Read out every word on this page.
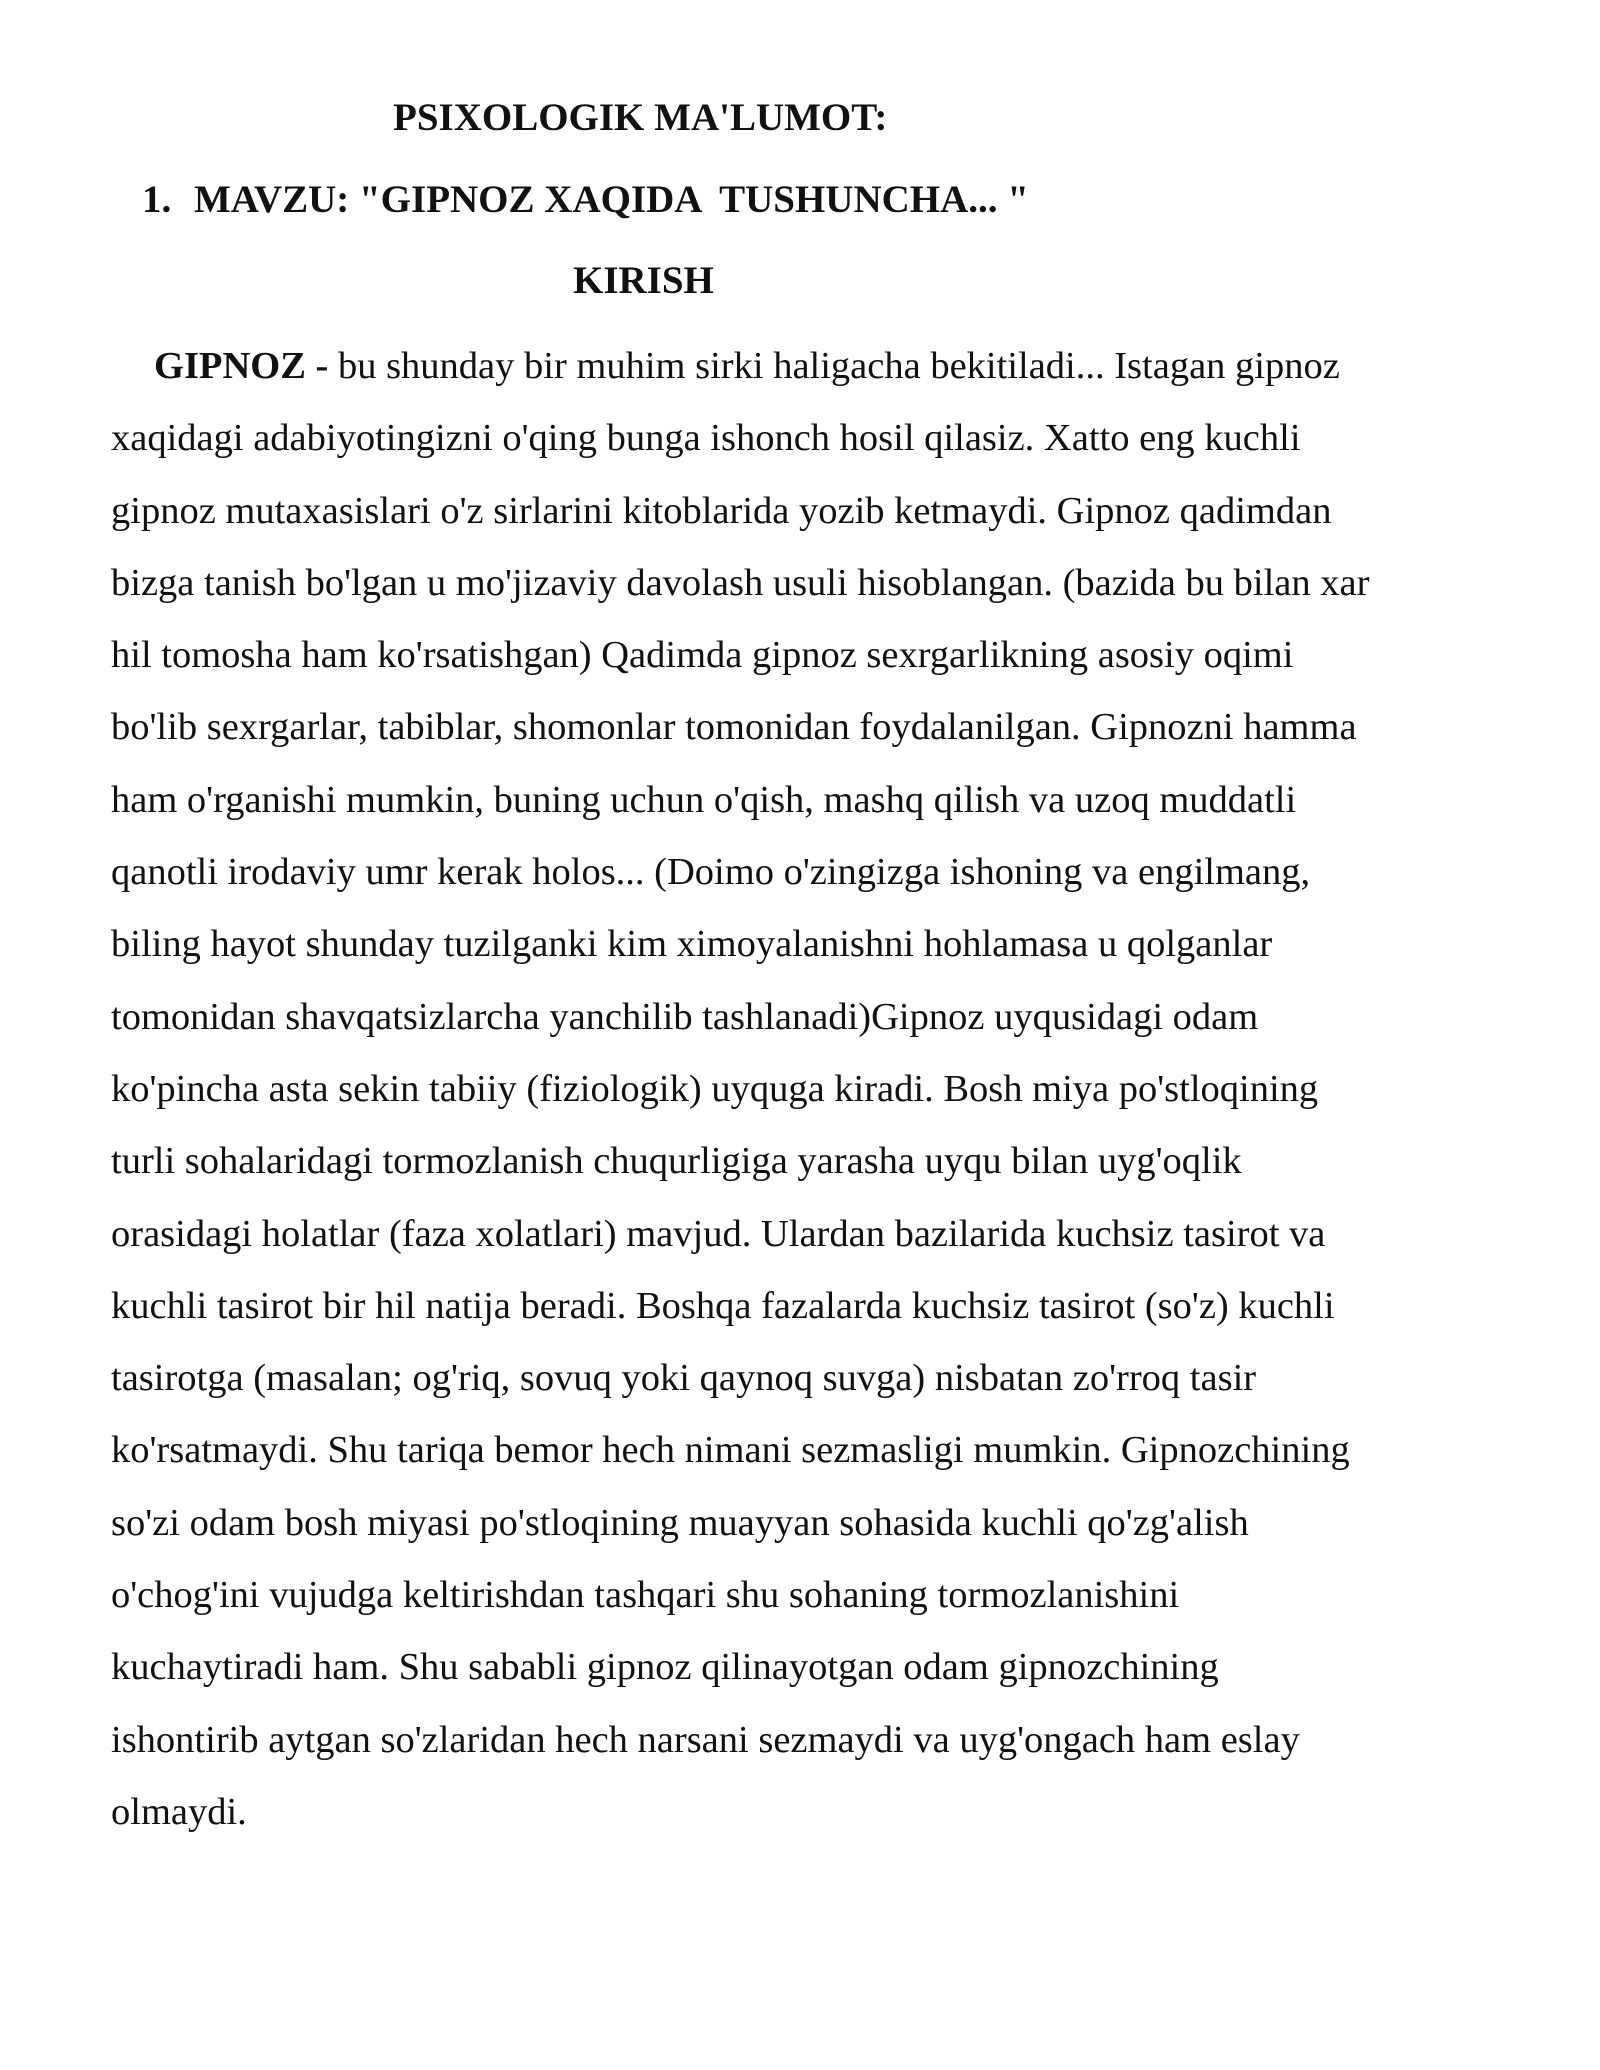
PSIXOLOGIK MA'LUMOT:
1. MAVZU: "GIPNOZ XAQIDA  TUSHUNCHA... "
KIRISH
GIPNOZ - bu shunday bir muhim sirki haligacha bekitiladi... Istagan gipnoz
xaqidagi adabiyotingizni o'qing bunga ishonch hosil qilasiz. Xatto eng kuchli
gipnoz mutaxasislari o'z sirlarini kitoblarida yozib ketmaydi. Gipnoz qadimdan
bizga tanish bo'lgan u mo'jizaviy davolash usuli hisoblangan. (bazida bu bilan xar
hil tomosha ham ko'rsatishgan) Qadimda gipnoz sexrgarlikning asosiy oqimi
bo'lib sexrgarlar, tabiblar, shomonlar tomonidan foydalanilgan. Gipnozni hamma
ham o'rganishi mumkin, buning uchun o'qish, mashq qilish va uzoq muddatli
qanotli irodaviy umr kerak holos... (Doimo o'zingizga ishoning va engilmang,
biling hayot shunday tuzilganki kim ximoyalanishni hohlamasa u qolganlar
tomonidan shavqatsizlarcha yanchilib tashlanadi)Gipnoz uyqusidagi odam
ko'pincha asta sekin tabiiy (fiziologik) uyquga kiradi. Bosh miya po'stloqining
turli sohalaridagi tormozlanish chuqurligiga yarasha uyqu bilan uyg'oqlik
orasidagi holatlar (faza xolatlari) mavjud. Ulardan bazilarida kuchsiz tasirot va
kuchli tasirot bir hil natija beradi. Boshqa fazalarda kuchsiz tasirot (so'z) kuchli
tasirotga (masalan; og'riq, sovuq yoki qaynoq suvga) nisbatan zo'rroq tasir
ko'rsatmaydi. Shu tariqa bemor hech nimani sezmasligi mumkin. Gipnozchining
so'zi odam bosh miyasi po'stloqining muayyan sohasida kuchli qo'zg'alish
o'chog'ini vujudga keltirishdan tashqari shu sohaning tormozlanishini
kuchaytiradi ham. Shu sababli gipnoz qilinayotgan odam gipnozchining
ishontirib aytgan so'zlaridan hech narsani sezmaydi va uyg'ongach ham eslay
olmaydi.
